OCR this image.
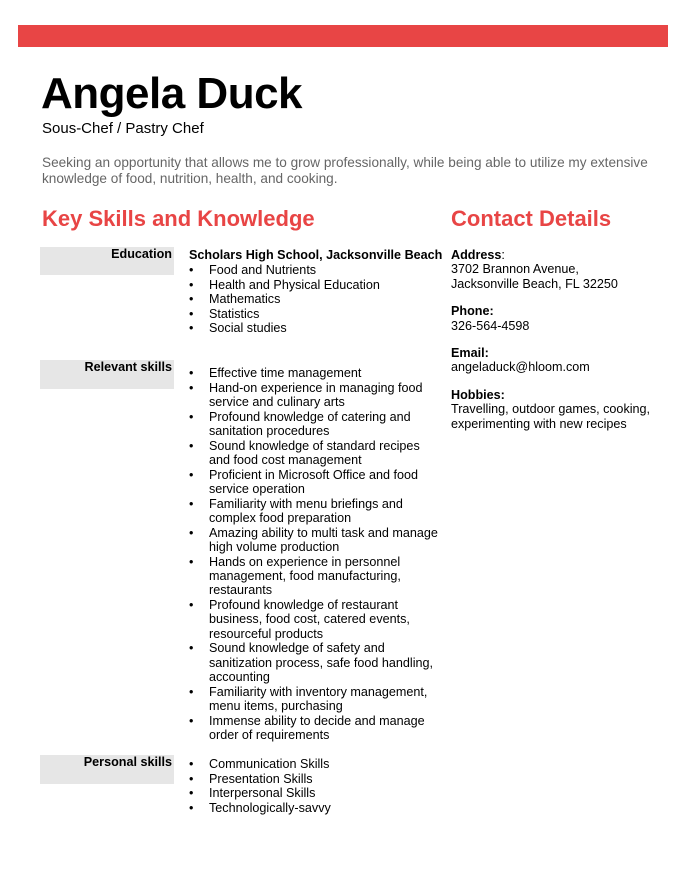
Angela Duck
Sous-Chef / Pastry Chef
Seeking an opportunity that allows me to grow professionally, while being able to utilize my extensive knowledge of food, nutrition, health, and cooking.
Key Skills and Knowledge	Contact Details
Education Scholars High School, Jacksonville Beach
• Food and Nutrients
• Health and Physical Education
• Mathematics
• Statistics
• Social studies
Relevant skills	• Effective time management
• Hand-on experience in managing food service and culinary arts
• Profound knowledge of catering and sanitation procedures
• Sound knowledge of standard recipes and food cost management
• Proficient in Microsoft Office and food service operation
• Familiarity with menu briefings and complex food preparation
• Amazing ability to multi task and manage high volume production
• Hands on experience in personnel management, food manufacturing, restaurants
• Profound knowledge of restaurant business, food cost, catered events, resourceful products
• Sound knowledge of safety and sanitization process, safe food handling, accounting
• Familiarity with inventory management, menu items, purchasing
• Immense ability to decide and manage order of requirements
Personal skills	• Communication Skills
• Presentation Skills
• Interpersonal Skills
• Technologically-savvy
Address:
3702 Brannon Avenue,
Jacksonville Beach, FL 32250
Phone:
326-564-4598
Email:
angeladuck@hloom.com
Hobbies:
Travelling, outdoor games, cooking, experimenting with new recipes
